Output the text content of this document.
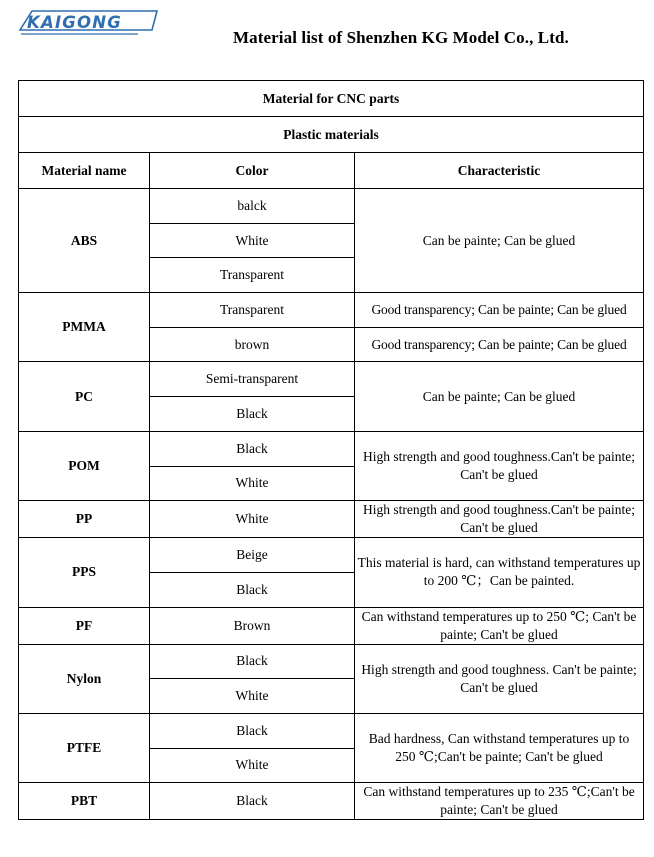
KAIGONG
Material list of Shenzhen KG Model Co., Ltd.
Material for CNC parts		
Plastic materials		
Material name	Color	Characteristic
ABS	balck	Can be painte; Can be glued
	White	
	Transparent	
PMMA	Transparent	Good transparency; Can be painte; Can be glued
	brown	Good transparency; Can be painte; Can be glued
PC	Semi-transparent	Can be painte; Can be glued
	Black	
POM	Black	High strength and good toughness.Can't be painte; Can't be glued
	White	
PP	White	High strength and good toughness.Can't be painte; Can't be glued
PPS	Beige	This material is hard, can withstand temperatures up to 200 ℃；Can be painted.
	Black	
PF	Brown	Can withstand temperatures up to 250 ℃; Can't be painte; Can't be glued
Nylon	Black	High strength and good toughness. Can't be painte; Can't be glued
	White	
PTFE	Black	Bad hardness, Can withstand temperatures up to 250 ℃;Can't be painte; Can't be glued
	White	
PBT	Black	Can withstand temperatures up to 235 ℃;Can't be painte; Can't be glued
